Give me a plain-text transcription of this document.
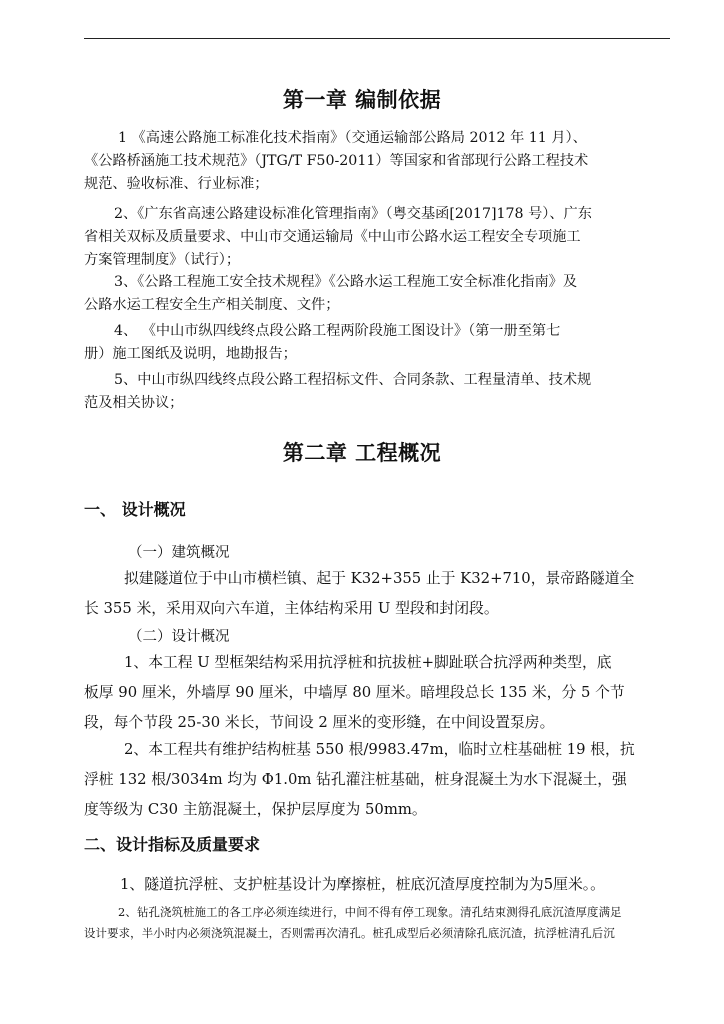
第一章 编制依据
1 《高速公路施工标准化技术指南》（交通运输部公路局 2012 年 11 月）、
《公路桥涵施工技术规范》（JTG/T F50-2011）等国家和省部现行公路工程技术
规范、验收标准、行业标准；
2、《广东省高速公路建设标准化管理指南》（粤交基函[2017]178 号）、广东
省相关双标及质量要求、中山市交通运输局《中山市公路水运工程安全专项施工
方案管理制度》（试行）；
3、《公路工程施工安全技术规程》《公路水运工程施工安全标准化指南》及
公路水运工程安全生产相关制度、文件；
4、 《中山市纵四线终点段公路工程两阶段施工图设计》（第一册至第七
册）施工图纸及说明，地勘报告；
5、中山市纵四线终点段公路工程招标文件、合同条款、工程量清单、技术规
范及相关协议；
第二章 工程概况
一、 设计概况
（一）建筑概况
拟建隧道位于中山市横栏镇、起于 K32+355 止于 K32+710，景帝路隧道全
长 355 米，采用双向六车道，主体结构采用 U 型段和封闭段。
（二）设计概况
1、本工程 U 型框架结构采用抗浮桩和抗拔桩+脚趾联合抗浮两种类型，底
板厚 90 厘米，外墙厚 90 厘米，中墙厚 80 厘米。暗埋段总长 135 米，分 5 个节
段，每个节段 25-30 米长，节间设 2 厘米的变形缝，在中间设置泵房。
2、本工程共有维护结构桩基 550 根/9983.47m，临时立柱基础桩 19 根，抗
浮桩 132 根/3034m 均为 Φ1.0m 钻孔灌注桩基础，桩身混凝土为水下混凝土，强
度等级为 C30 主筋混凝土，保护层厚度为 50mm。
二、设计指标及质量要求
1、隧道抗浮桩、支护桩基设计为摩擦桩，桩底沉渣厚度控制为为5厘米。。
2、钻孔浇筑桩施工的各工序必须连续进行，中间不得有停工现象。清孔结束测得孔底沉渣厚度满足
设计要求，半小时内必须浇筑混凝土，否则需再次清孔。桩孔成型后必须清除孔底沉渣，抗浮桩清孔后沉
